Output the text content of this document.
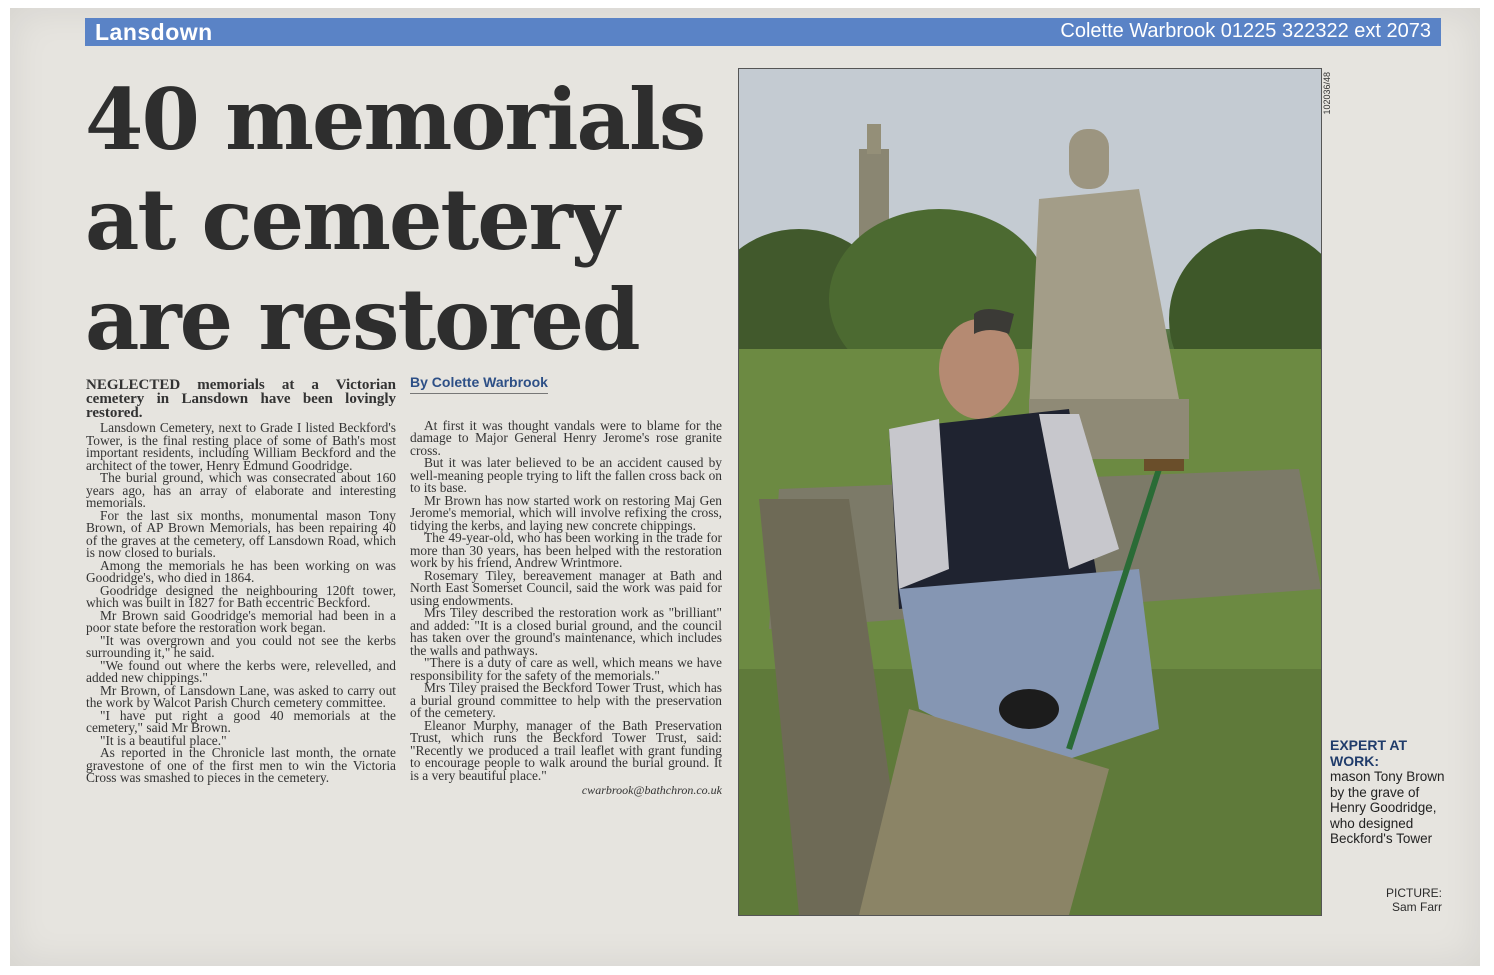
Lansdown	Colette Warbrook 01225 322322 ext 2073
40 memorials
at cemetery
are restored

NEGLECTED memorials at a Victorian cemetery in Lansdown have been lovingly restored.

Lansdown Cemetery, next to Grade I listed Beckford's Tower, is the final resting place of some of Bath's most important residents, including William Beckford and the architect of the tower, Henry Edmund Goodridge.

The burial ground, which was consecrated about 160 years ago, has an array of elaborate and interesting memorials.

For the last six months, monumental mason Tony Brown, of AP Brown Memorials, has been repairing 40 of the graves at the cemetery, off Lansdown Road, which is now closed to burials.

Among the memorials he has been working on was Goodridge's, who died in 1864.

Goodridge designed the neighbouring 120ft tower, which was built in 1827 for Bath eccentric Beckford.

Mr Brown said Goodridge's memorial had been in a poor state before the restoration work began.

"It was overgrown and you could not see the kerbs surrounding it," he said.

"We found out where the kerbs were, relevelled, and added new chippings."

Mr Brown, of Lansdown Lane, was asked to carry out the work by Walcot Parish Church cemetery committee.

"I have put right a good 40 memorials at the cemetery," said Mr Brown.

"It is a beautiful place."

As reported in the Chronicle last month, the ornate gravestone of one of the first men to win the Victoria Cross was smashed to pieces in the cemetery.

By Colette Warbrook

At first it was thought vandals were to blame for the damage to Major General Henry Jerome's rose granite cross.

But it was later believed to be an accident caused by well-meaning people trying to lift the fallen cross back on to its base.

Mr Brown has now started work on restoring Maj Gen Jerome's memorial, which will involve refixing the cross, tidying the kerbs, and laying new concrete chippings.

The 49-year-old, who has been working in the trade for more than 30 years, has been helped with the restoration work by his friend, Andrew Wrintmore.

Rosemary Tiley, bereavement manager at Bath and North East Somerset Council, said the work was paid for using endowments.

Mrs Tiley described the restoration work as "brilliant" and added: "It is a closed burial ground, and the council has taken over the ground's maintenance, which includes the walls and pathways.

"There is a duty of care as well, which means we have responsibility for the safety of the memorials."

Mrs Tiley praised the Beckford Tower Trust, which has a burial ground committee to help with the preservation of the cemetery.

Eleanor Murphy, manager of the Bath Preservation Trust, which runs the Beckford Tower Trust, said: "Recently we produced a trail leaflet with grant funding to encourage people to walk around the burial ground. It is a very beautiful place."

cwarbrook@bathchron.co.uk
102036/48
EXPERT AT WORK:
mason Tony Brown by the grave of Henry Goodridge, who designed Beckford's Tower
PICTURE:
Sam Farr
